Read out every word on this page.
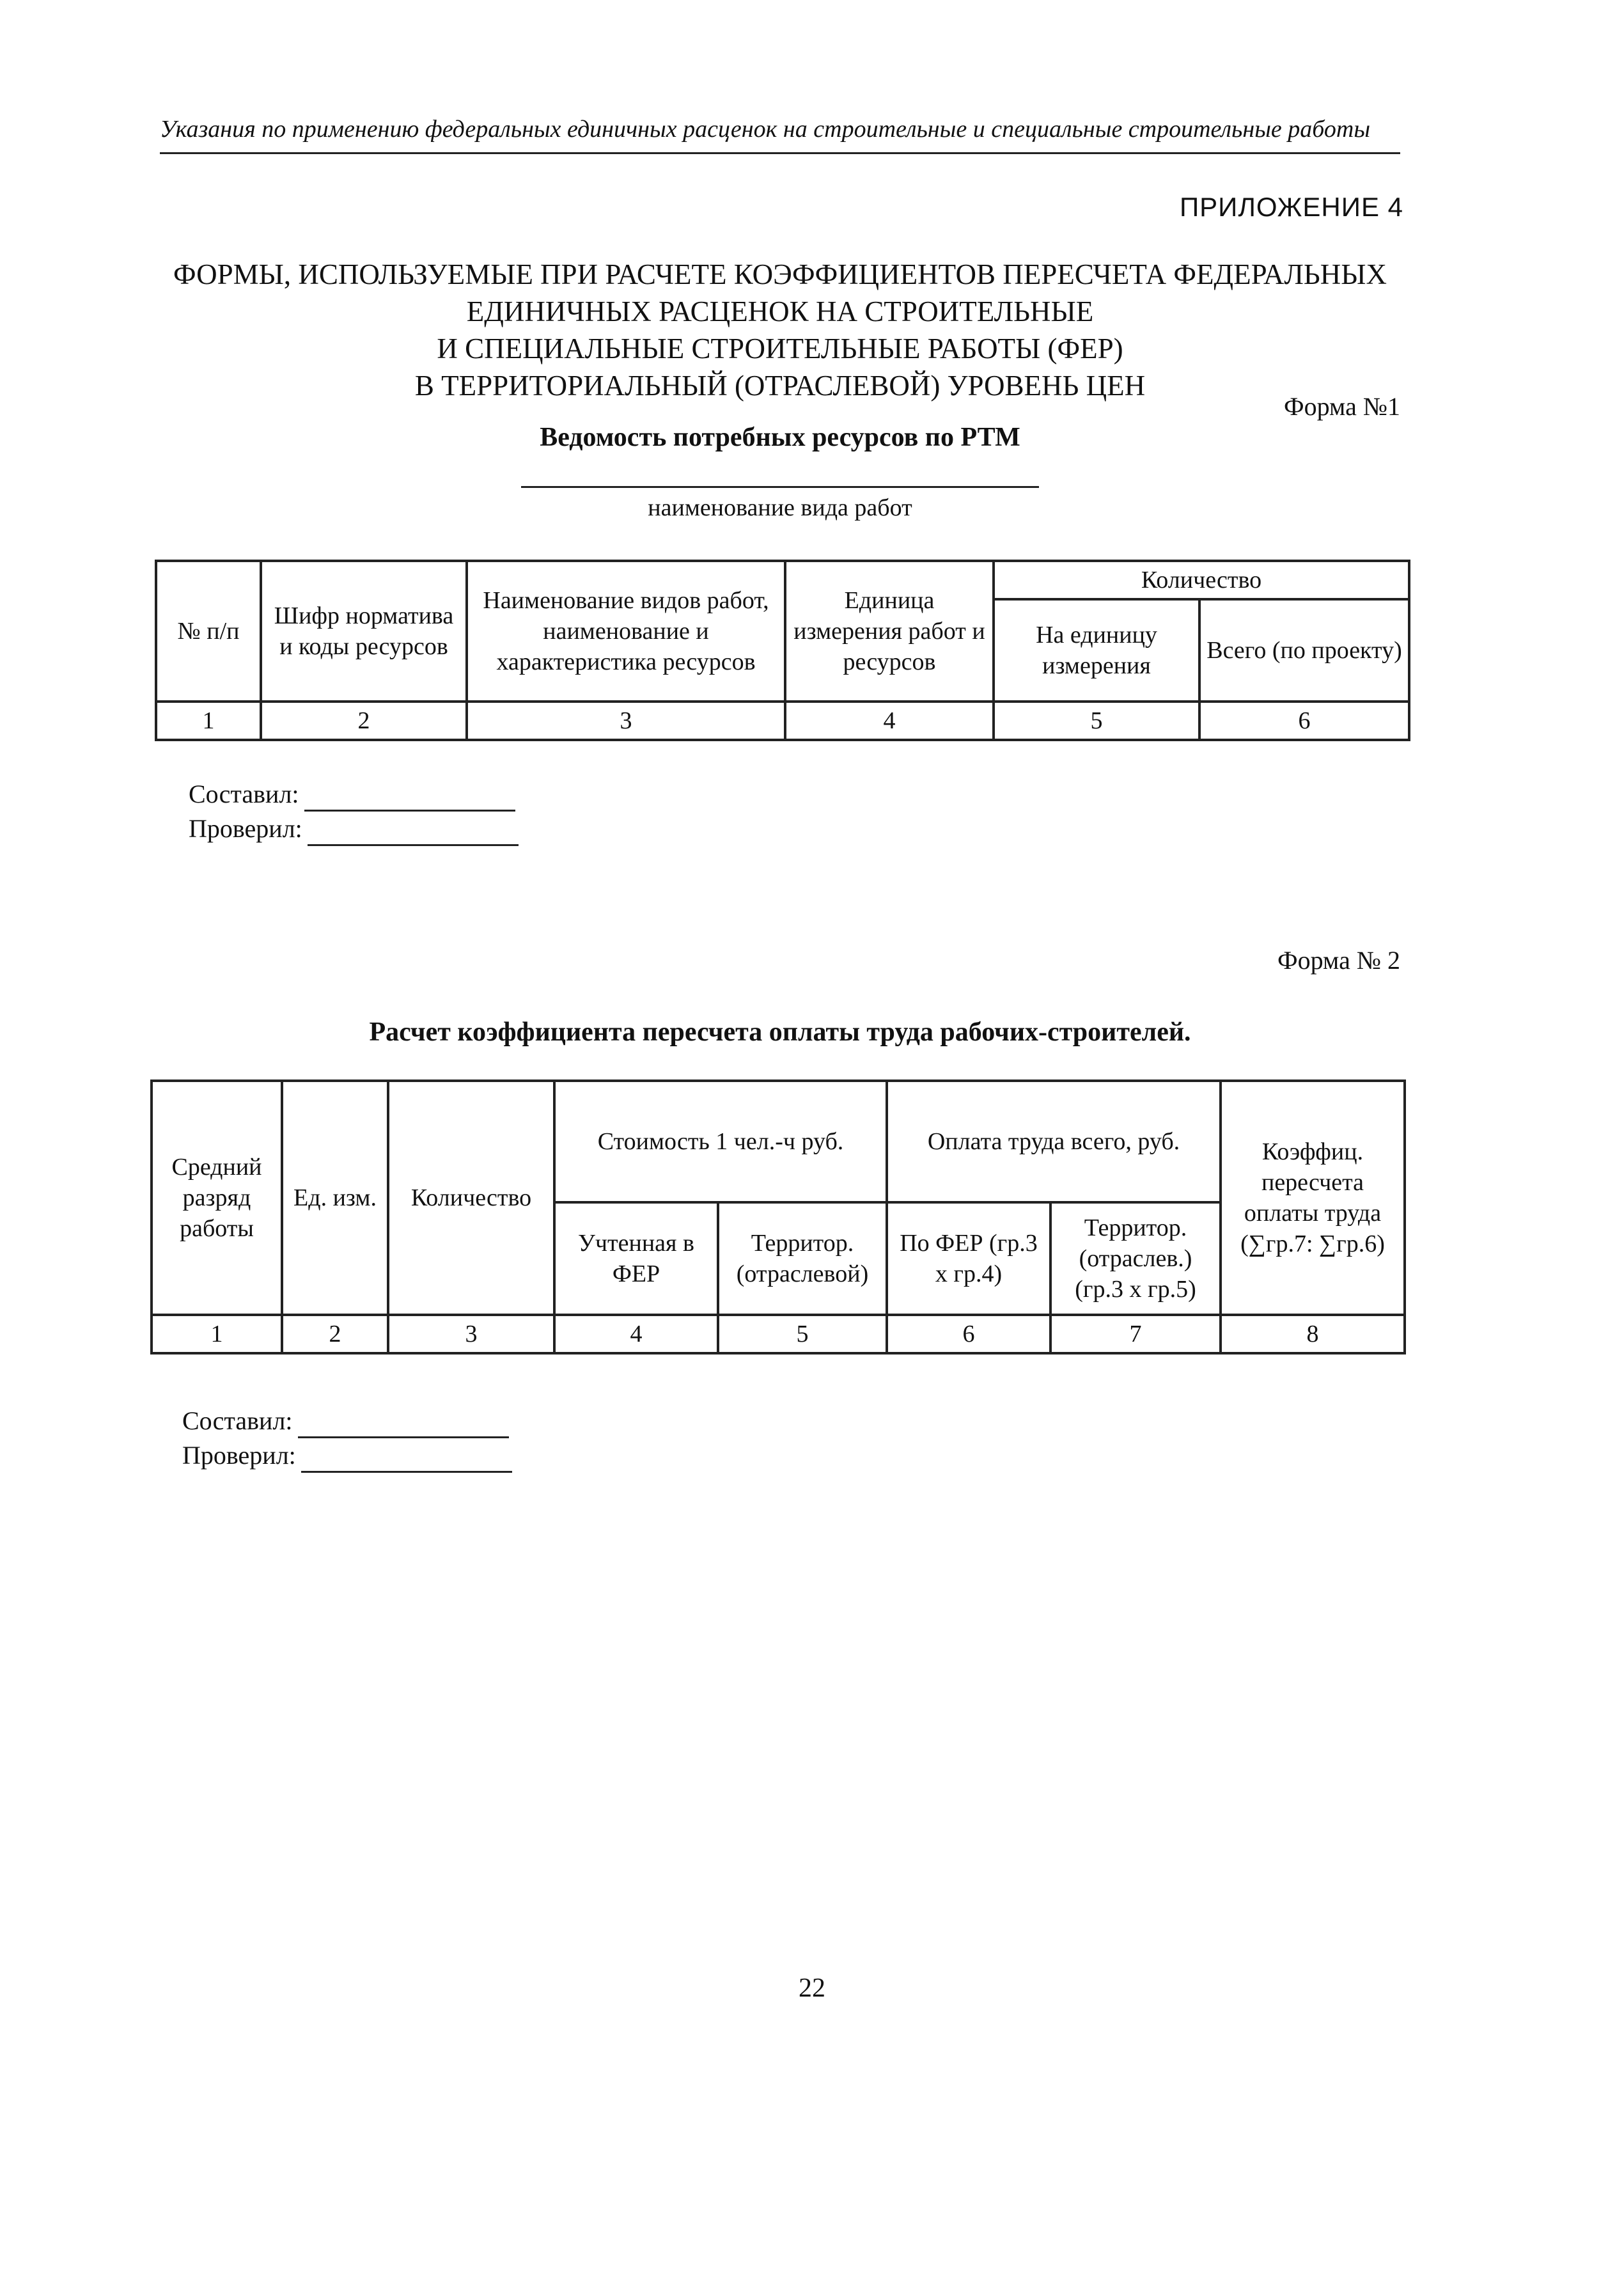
Указания по применению федеральных единичных расценок на строительные и специальные строительные работы
ПРИЛОЖЕНИЕ 4
ФОРМЫ, ИСПОЛЬЗУЕМЫЕ ПРИ РАСЧЕТЕ КОЭФФИЦИЕНТОВ ПЕРЕСЧЕТА ФЕДЕРАЛЬНЫХ
ЕДИНИЧНЫХ РАСЦЕНОК НА СТРОИТЕЛЬНЫЕ
И СПЕЦИАЛЬНЫЕ СТРОИТЕЛЬНЫЕ РАБОТЫ (ФЕР)
В ТЕРРИТОРИАЛЬНЫЙ (ОТРАСЛЕВОЙ) УРОВЕНЬ ЦЕН
Форма №1
Ведомость потребных ресурсов по РТМ
наименование вида работ
№ п/п	Шифр норматива и коды ресурсов	Наименование видов работ, наименование и характеристика ресурсов	Единица измерения работ и ресурсов	Количество	
				На единицу измерения	Всего (по проекту)
1	2	3	4	5	6
Составил:
Проверил:
Форма № 2
Расчет коэффициента пересчета оплаты труда рабочих-строителей.
Средний разряд работы	Ед. изм.	Количество	Стоимость 1 чел.-ч руб.		Оплата труда всего, руб.		Коэффиц. пересчета оплаты труда (∑гр.7: ∑гр.6)
			Учтенная в ФЕР	Территор. (отраслевой)	По ФЕР (гр.3 х гр.4)	Территор. (отраслев.) (гр.3 х гр.5)	
1	2	3	4	5	6	7	8
Составил:
Проверил:
22
